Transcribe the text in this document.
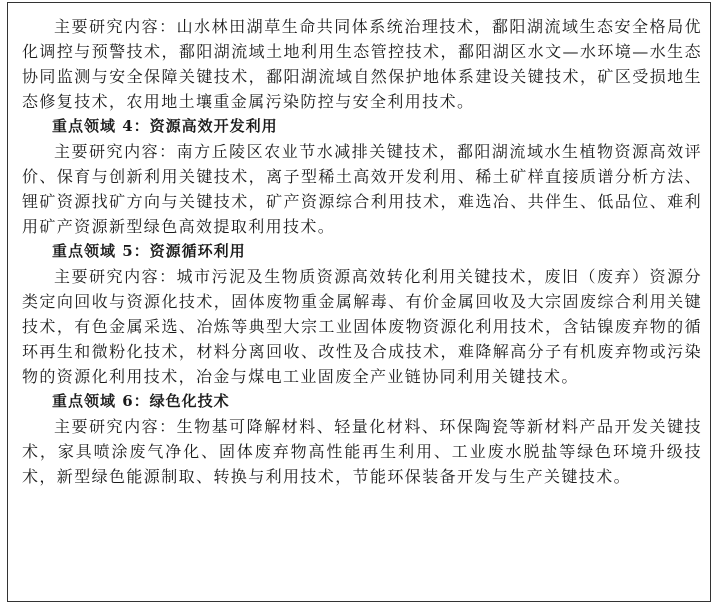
主要研究内容：山水林田湖草生命共同体系统治理技术，鄱阳湖流域生态安全格局优化调控与预警技术，鄱阳湖流域土地利用生态管控技术，鄱阳湖区水文—水环境—水生态协同监测与安全保障关键技术，鄱阳湖流域自然保护地体系建设关键技术，矿区受损地生态修复技术，农用地土壤重金属污染防控与安全利用技术。

重点领域 4：资源高效开发利用

主要研究内容：南方丘陵区农业节水减排关键技术，鄱阳湖流域水生植物资源高效评价、保育与创新利用关键技术，离子型稀土高效开发利用、稀土矿样直接质谱分析方法、锂矿资源找矿方向与关键技术，矿产资源综合利用技术，难选冶、共伴生、低品位、难利用矿产资源新型绿色高效提取利用技术。

重点领域 5：资源循环利用

主要研究内容：城市污泥及生物质资源高效转化利用关键技术，废旧（废弃）资源分类定向回收与资源化技术，固体废物重金属解毒、有价金属回收及大宗固废综合利用关键技术，有色金属采选、冶炼等典型大宗工业固体废物资源化利用技术，含钴镍废弃物的循环再生和微粉化技术，材料分离回收、改性及合成技术，难降解高分子有机废弃物或污染物的资源化利用技术，冶金与煤电工业固废全产业链协同利用关键技术。

重点领域 6：绿色化技术

主要研究内容：生物基可降解材料、轻量化材料、环保陶瓷等新材料产品开发关键技术，家具喷涂废气净化、固体废弃物高性能再生利用、工业废水脱盐等绿色环境升级技术，新型绿色能源制取、转换与利用技术，节能环保装备开发与生产关键技术。
